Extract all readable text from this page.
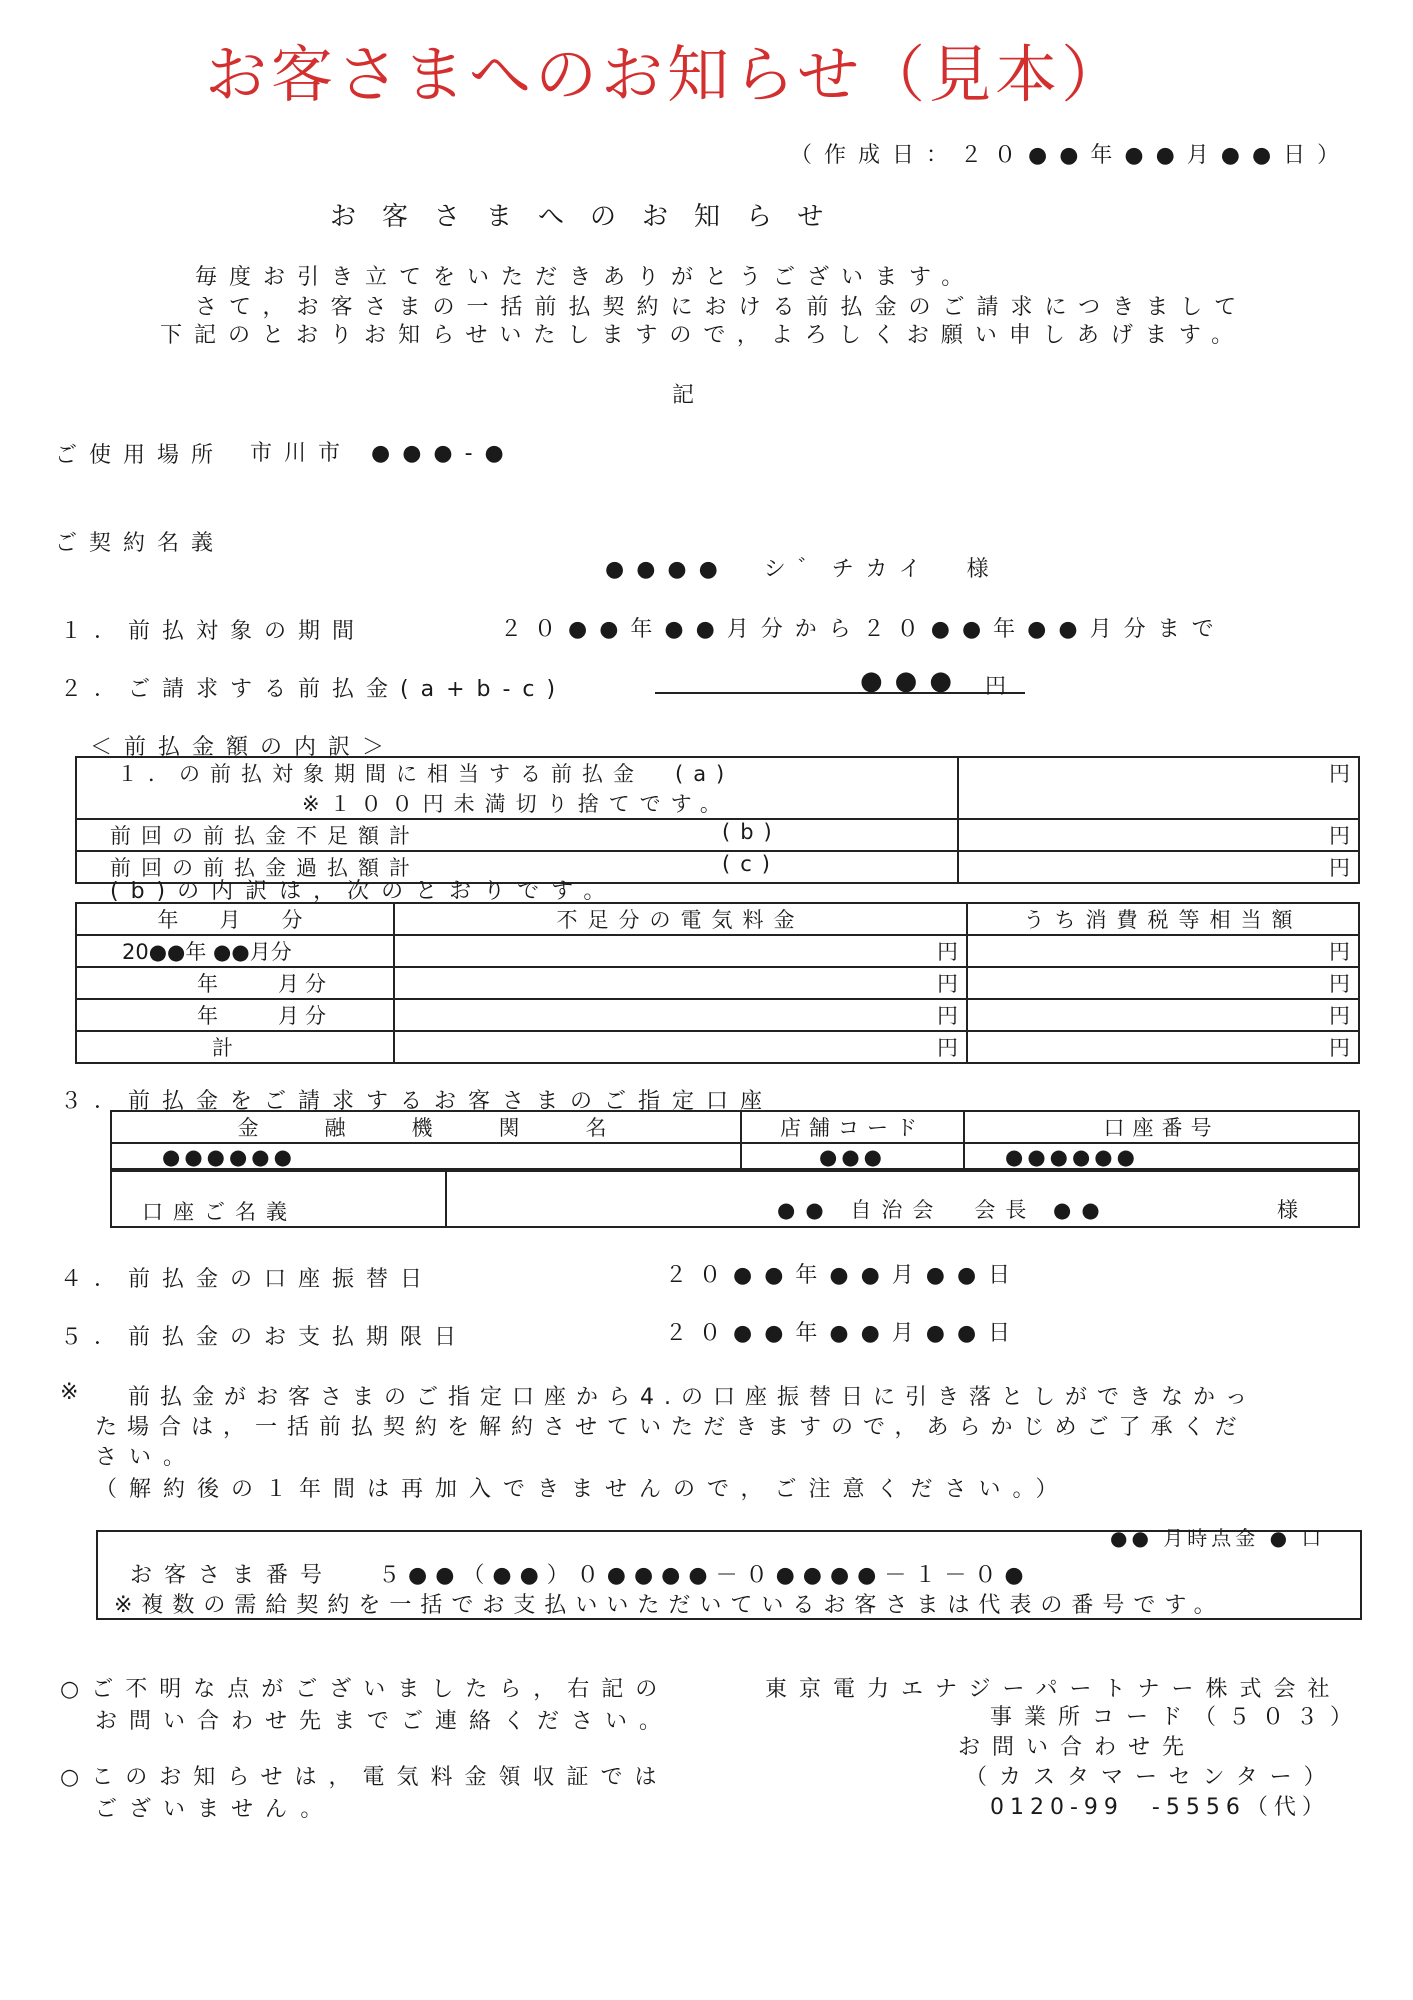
お客さまへのお知らせ（見本）
（作成日：２０●●年●●月●●日）
お客さまへのお知らせ
毎度お引き立てをいただきありがとうございます。
さて，お客さまの一括前払契約における前払金のご請求につきまして
下記のとおりお知らせいたしますので，よろしくお願い申しあげます。
記
ご使用場所 市川市 ●●●-●
ご契約名義
●●●●　シ゛チカイ　様
１．前払対象の期間	２０●●年●●月分から２０●●年●●月分まで
２．ご請求する前払金(a+b-c)	●●● 円
＜前払金額の内訳＞
１．の前払対象期間に相当する前払金　(a)
※１００円未満切り捨てです。	円
前回の前払金不足額計 (b)	円
前回の前払金過払額計 (c)	円
(b)の内訳は，次のとおりです。
年　月　分	不足分の電気料金	うち消費税等相当額
20●●年 ●●月分	円	円
年　　月分	円	円
年　　月分	円	円
計	円	円
３．前払金をご請求するお客さまのご指定口座
金　　融　　機　　関　　名	店舗コード	口座番号
●●●●●●	●●●	●●●●●●
口座ご名義	●● 自治会　会長 ●●	様
４．前払金の口座振替日	２０●●年●●月●●日
５．前払金のお支払期限日	２０●●年●●月●●日
※ 前払金がお客さまのご指定口座から4.の口座振替日に引き落としができなかっ
た場合は，一括前払契約を解約させていただきますので，あらかじめご了承くだ
さい。
（解約後の１年間は再加入できませんので，ご注意ください。）
●● 月時点金 ● 口
お客さま番号 ５●●（●●）０●●●●－０●●●●－１－０●
※複数の需給契約を一括でお支払いいただいているお客さまは代表の番号です。
○ご不明な点がございましたら，右記の
お問い合わせ先までご連絡ください。
○このお知らせは，電気料金領収証では
ございません。
東京電力エナジーパートナー株式会社
事業所コード（５０３）
お問い合わせ先
（カスタマーセンター）
0120-99　-5556（代）
